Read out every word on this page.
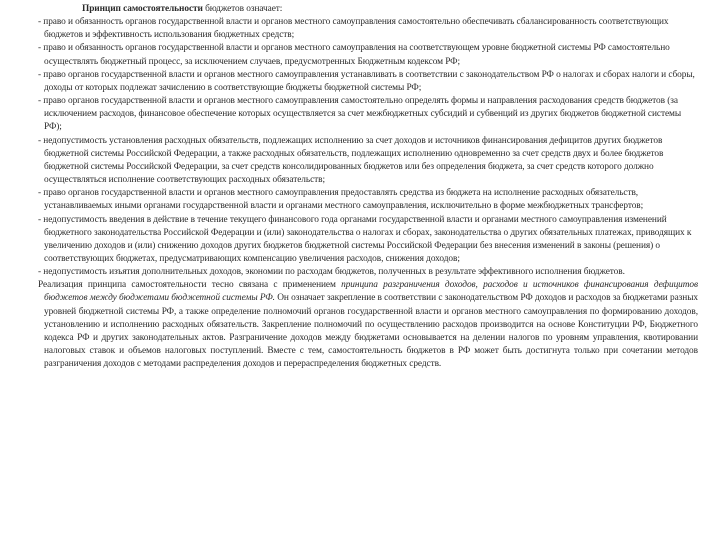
Принцип самостоятельности бюджетов означает:

- право и обязанность органов государственной власти и органов местного самоуправления самостоятельно обеспечивать сбалансированность соответствующих бюджетов и эффективность использования бюджетных средств;

- право и обязанность органов государственной власти и органов местного самоуправления на соответствующем уровне бюджетной системы РФ самостоятельно осуществлять бюджетный процесс, за исключением случаев, предусмотренных Бюджетным кодексом РФ;

- право органов государственной власти и органов местного самоуправления устанавливать в соответствии с законодательством РФ о налогах и сборах налоги и сборы, доходы от которых подлежат зачислению в соответствующие бюджеты бюджетной системы РФ;

- право органов государственной власти и органов местного самоуправления самостоятельно определять формы и направления расходования средств бюджетов (за исключением расходов, финансовое обеспечение которых осуществляется за счет межбюджетных субсидий и субвенций из других бюджетов бюджетной системы РФ);

- недопустимость установления расходных обязательств, подлежащих исполнению за счет доходов и источников финансирования дефицитов других бюджетов бюджетной системы Российской Федерации, а также расходных обязательств, подлежащих исполнению одновременно за счет средств двух и более бюджетов бюджетной системы Российской Федерации, за счет средств консолидированных бюджетов или без определения бюджета, за счет средств которого должно осуществляться исполнение соответствующих расходных обязательств;

- право органов государственной власти и органов местного самоуправления предоставлять средства из бюджета на исполнение расходных обязательств, устанавливаемых иными органами государственной власти и органами местного самоуправления, исключительно в форме межбюджетных трансфертов;

- недопустимость введения в действие в течение текущего финансового года органами государственной власти и органами местного самоуправления изменений бюджетного законодательства Российской Федерации и (или) законодательства о налогах и сборах, законодательства о других обязательных платежах, приводящих к увеличению доходов и (или) снижению доходов других бюджетов бюджетной системы Российской Федерации без внесения изменений в законы (решения) о соответствующих бюджетах, предусматривающих компенсацию увеличения расходов, снижения доходов;

- недопустимость изъятия дополнительных доходов, экономии по расходам бюджетов, полученных в результате эффективного исполнения бюджетов.

Реализация принципа самостоятельности тесно связана с применением принципа разграничения доходов, расходов и источников финансирования дефицитов бюджетов между бюджетами бюджетной системы РФ. Он означает закрепление в соответствии с законодательством РФ доходов и расходов за бюджетами разных уровней бюджетной системы РФ, а также определение полномочий органов государственной власти и органов местного самоуправления по формированию доходов, установлению и исполнению расходных обязательств. Закрепление полномочий по осуществлению расходов производится на основе Конституции РФ, Бюджетного кодекса РФ и других законодательных актов. Разграничение доходов между бюджетами основывается на делении налогов по уровням управления, квотировании налоговых ставок и объемов налоговых поступлений. Вместе с тем, самостоятельность бюджетов в РФ может быть достигнута только при сочетании методов разграничения доходов с методами распределения доходов и перераспределения бюджетных средств.
